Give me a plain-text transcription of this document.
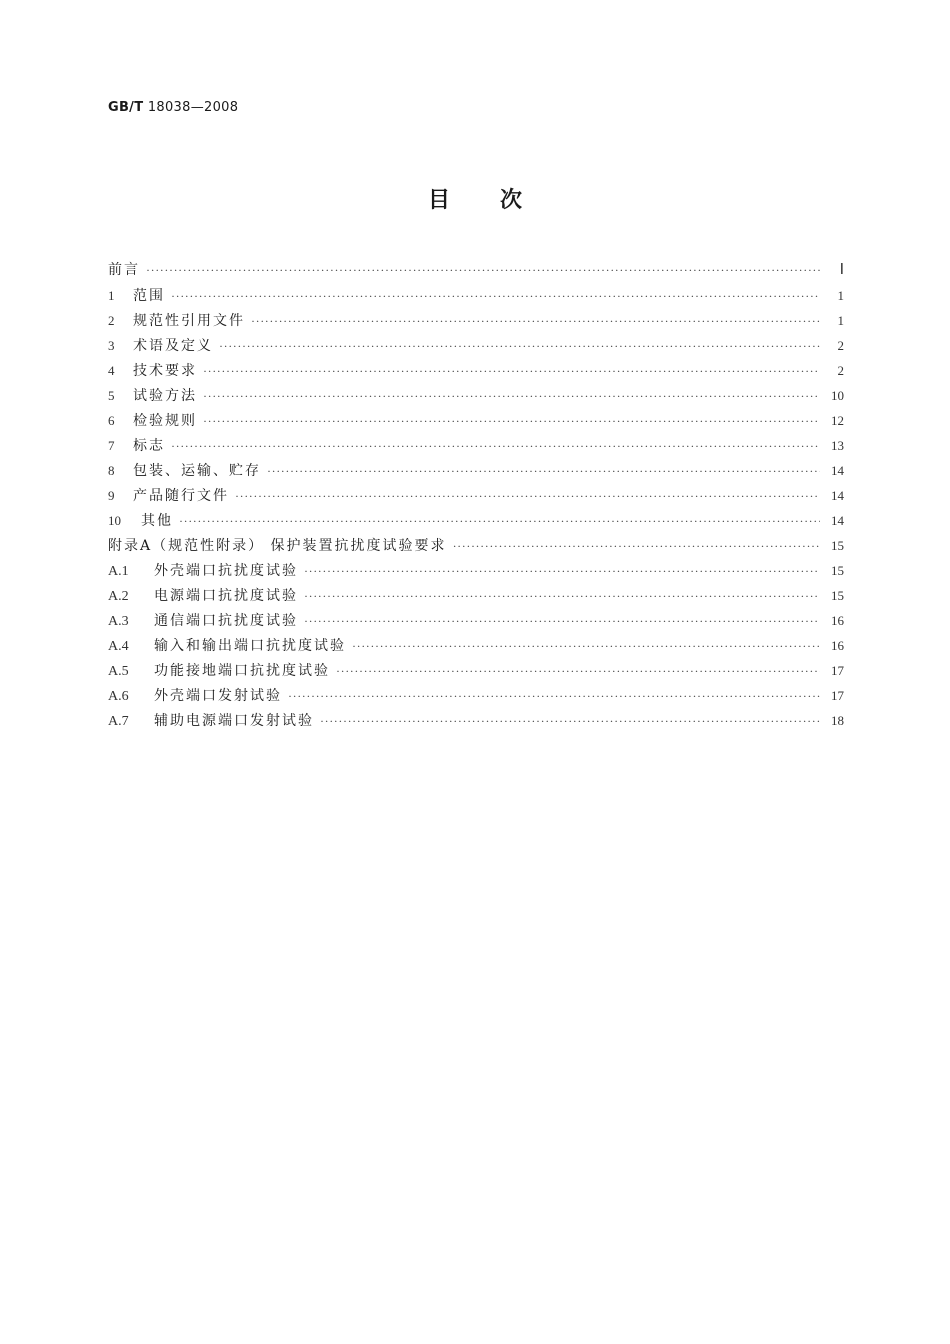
GB/T 18038—2008
目次
前言 ·····	Ⅰ
1	范围 ·····	1
2	规范性引用文件 ·····	1
3	术语及定义 ·····	2
4	技术要求 ·····	2
5	试验方法 ·····	10
6	检验规则 ·····	12
7	标志 ·····	13
8	包装、运输、贮存 ·····	14
9	产品随行文件 ·····	14
10	其他 ·····	14
附录A（规范性附录） 保护装置抗扰度试验要求 ·····	15
A.1	外壳端口抗扰度试验 ·····	15
A.2	电源端口抗扰度试验 ·····	15
A.3	通信端口抗扰度试验 ·····	16
A.4	输入和输出端口抗扰度试验 ·····	16
A.5	功能接地端口抗扰度试验 ·····	17
A.6	外壳端口发射试验 ·····	17
A.7	辅助电源端口发射试验 ·····	18
